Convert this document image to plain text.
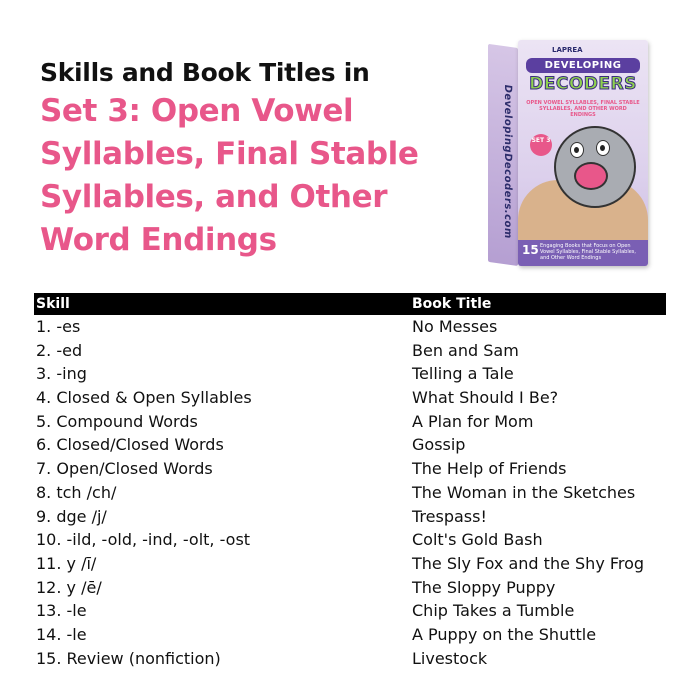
Skills and Book Titles in
Set 3: Open Vowel
Syllables, Final Stable
Syllables, and Other
Word Endings
DevelopingDecoders.com
LAPREA
DEVELOPING
DECODERS
OPEN VOWEL SYLLABLES, FINAL STABLE SYLLABLES, AND OTHER WORD ENDINGS
SET 3
Engaging Books that Focus on Open Vowel Syllables, Final Stable Syllables, and Other Word Endings
15
Skill	Book Title
1. -es	No Messes
2. -ed	Ben and Sam
3. -ing	Telling a Tale
4. Closed & Open Syllables	What Should I Be?
5. Compound Words	A Plan for Mom
6. Closed/Closed Words	Gossip
7. Open/Closed Words	The Help of Friends
8. tch /ch/	The Woman in the Sketches
9. dge /j/	Trespass!
10. -ild, -old, -ind, -olt, -ost	Colt's Gold Bash
11. y /ī/	The Sly Fox and the Shy Frog
12. y /ē/	The Sloppy Puppy
13. -le	Chip Takes a Tumble
14. -le	A Puppy on the Shuttle
15. Review (nonfiction)	Livestock
